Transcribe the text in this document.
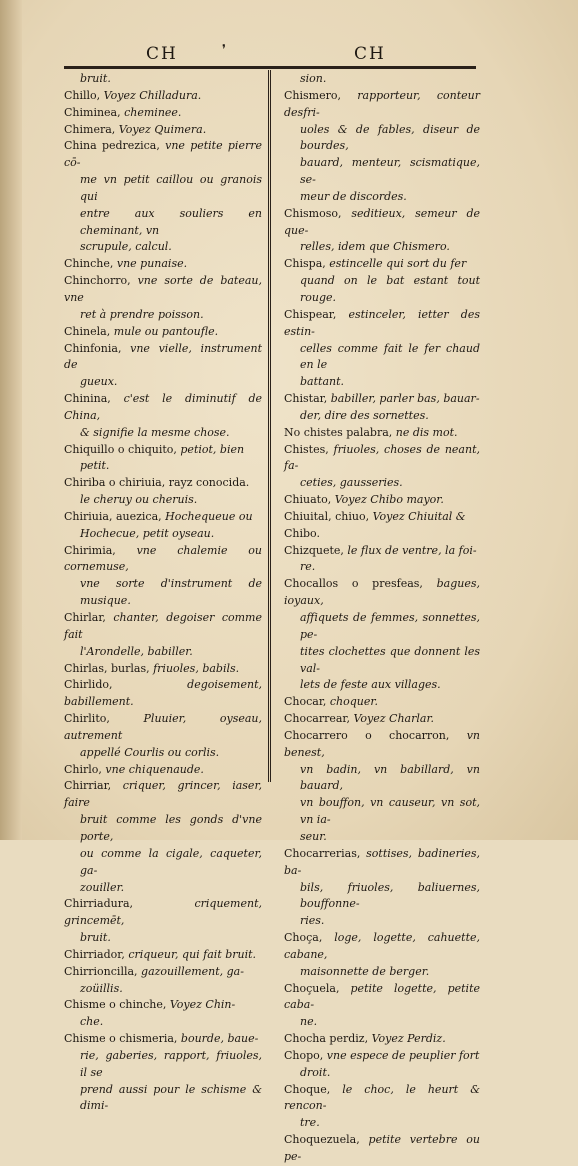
CH	❜	CH
bruit.
Chillo, Voyez Chilladura.
Chiminea, cheminee.
Chimera, Voyez Quimera.
China pedrezica, vne petite pierre cō-
me vn petit caillou ou granois qui
entre aux souliers en cheminant, vn
scrupule, calcul.
Chinche, vne punaise.
Chinchorro, vne sorte de bateau, vne
ret à prendre poisson.
Chinela, mule ou pantoufle.
Chinfonia, vne vielle, instrument de
gueux.
Chinina, c'est le diminutif de China,
& signifie la mesme chose.
Chiquillo o chiquito, petiot, bien
petit.
Chiriba o chiriuia, rayz conocida.
le cheruy ou cheruis.
Chiriuia, auezica, Hochequeue ou
Hochecue, petit oyseau.
Chirimia, vne chalemie ou cornemuse,
vne sorte d'instrument de musique.
Chirlar, chanter, degoiser comme fait
l'Arondelle, babiller.
Chirlas, burlas, friuoles, babils.
Chirlido, degoisement, babillement.
Chirlito, Pluuier, oyseau, autrement
appellé Courlis ou corlis.
Chirlo, vne chiquenaude.
Chirriar, criquer, grincer, iaser, faire
bruit comme les gonds d'vne porte,
ou comme la cigale, caqueter, ga-
zouiller.
Chirriadura, criquement, grincemēt,
bruit.
Chirriador, criqueur, qui fait bruit.
Chirrioncilla, gazouillement, ga-
zoüillis.
Chisme o chinche, Voyez Chin-
che.
Chisme o chismeria, bourde, baue-
rie, gaberies, rapport, friuoles, il se
prend aussi pour le schisme & dimi-
sion.
Chismero, rapporteur, conteur desfri-
uoles & de fables, diseur de bourdes,
bauard, menteur, scismatique, se-
meur de discordes.
Chismoso, seditieux, semeur de que-
relles, idem que Chismero.
Chispa, estincelle qui sort du fer
quand on le bat estant tout rouge.
Chispear, estinceler, ietter des estin-
celles comme fait le fer chaud en le
battant.
Chistar, babiller, parler bas, bauar-
der, dire des sornettes.
No chistes palabra, ne dis mot.
Chistes, friuoles, choses de neant, fa-
ceties, gausseries.
Chiuato, Voyez Chibo mayor.
Chiuital, chiuo, Voyez Chiuital &
Chibo.
Chizquete, le flux de ventre, la foi-
re.
Chocallos o presfeas, bagues, ioyaux,
affiquets de femmes, sonnettes, pe-
tites clochettes que donnent les val-
lets de feste aux villages.
Chocar, choquer.
Chocarrear, Voyez Charlar.
Chocarrero o chocarron, vn benest,
vn badin, vn babillard, vn bauard,
vn bouffon, vn causeur, vn sot, vn ia-
seur.
Chocarrerias, sottises, badineries, ba-
bils, friuoles, baliuernes, bouffonne-
ries.
Choça, loge, logette, cahuette, cabane,
maisonnette de berger.
Choçuela, petite logette, petite caba-
ne.
Chocha perdiz, Voyez Perdiz.
Chopo, vne espece de peuplier fort
droit.
Choque, le choc, le heurt & rencon-
tre.
Choquezuela, petite vertebre ou pe-
